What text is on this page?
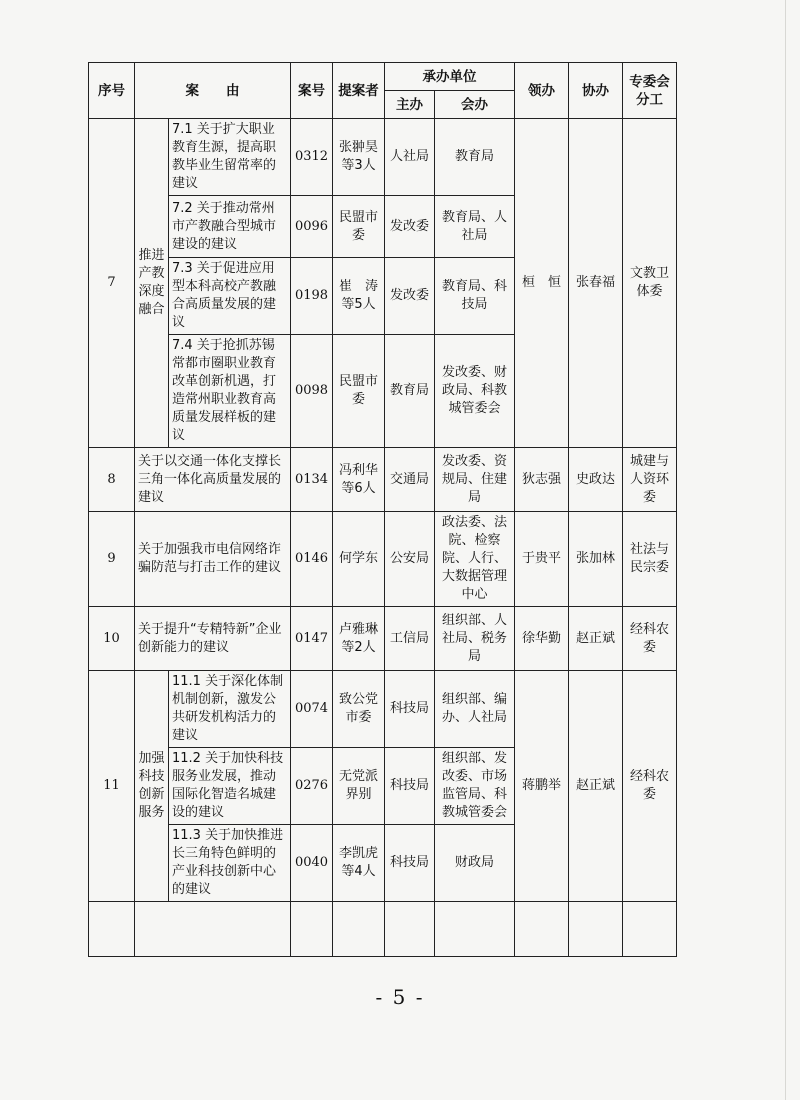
序号	案　　由		案号	提案者	承办单位		领办	协办	专委会分工
					主办	会办			
7	推进产教深度融合	7.1 关于扩大职业教育生源，提高职教毕业生留常率的建议	0312	张翀昊等3人	人社局	教育局	桓　恒	张春福	文教卫体委
		7.2 关于推动常州市产教融合型城市建设的建议	0096	民盟市委	发改委	教育局、人社局			
		7.3 关于促进应用型本科高校产教融合高质量发展的建议	0198	崔　涛等5人	发改委	教育局、科技局			
		7.4 关于抢抓苏锡常都市圈职业教育改革创新机遇，打造常州职业教育高质量发展样板的建议	0098	民盟市委	教育局	发改委、财政局、科教城管委会			
8	关于以交通一体化支撑长三角一体化高质量发展的建议		0134	冯利华等6人	交通局	发改委、资规局、住建局	狄志强	史政达	城建与人资环委
9	关于加强我市电信网络诈骗防范与打击工作的建议		0146	何学东	公安局	政法委、法院、检察院、人行、大数据管理中心	于贵平	张加林	社法与民宗委
10	关于提升“专精特新”企业创新能力的建议		0147	卢雅琳等2人	工信局	组织部、人社局、税务局	徐华勤	赵正斌	经科农委
11	加强科技创新服务	11.1 关于深化体制机制创新，激发公共研发机构活力的建议	0074	致公党市委	科技局	组织部、编办、人社局	蒋鹏举	赵正斌	经科农委
		11.2 关于加快科技服务业发展，推动国际化智造名城建设的建议	0276	无党派界别	科技局	组织部、发改委、市场监管局、科教城管委会			
		11.3 关于加快推进长三角特色鲜明的产业科技创新中心的建议	0040	李凯虎等4人	科技局	财政局			

- 5 -
